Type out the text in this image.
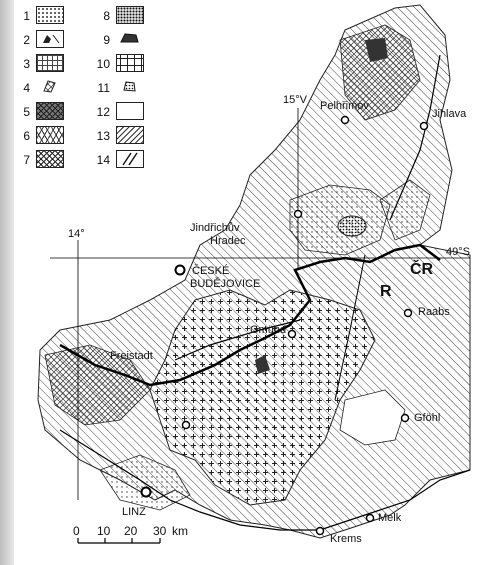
1
2
3
4
5
6
7
8
9
10
11
12
13
14
15°V
14°
49°S
ČR
R
Pelhřimov
Jihlava
Jindřichův
Hradec
ČESKÉ
BUDĚJOVICE
Gmünd
Raabs
Freistadt
Gföhl
LINZ	Melk
Krems
0 10 20 30 km
